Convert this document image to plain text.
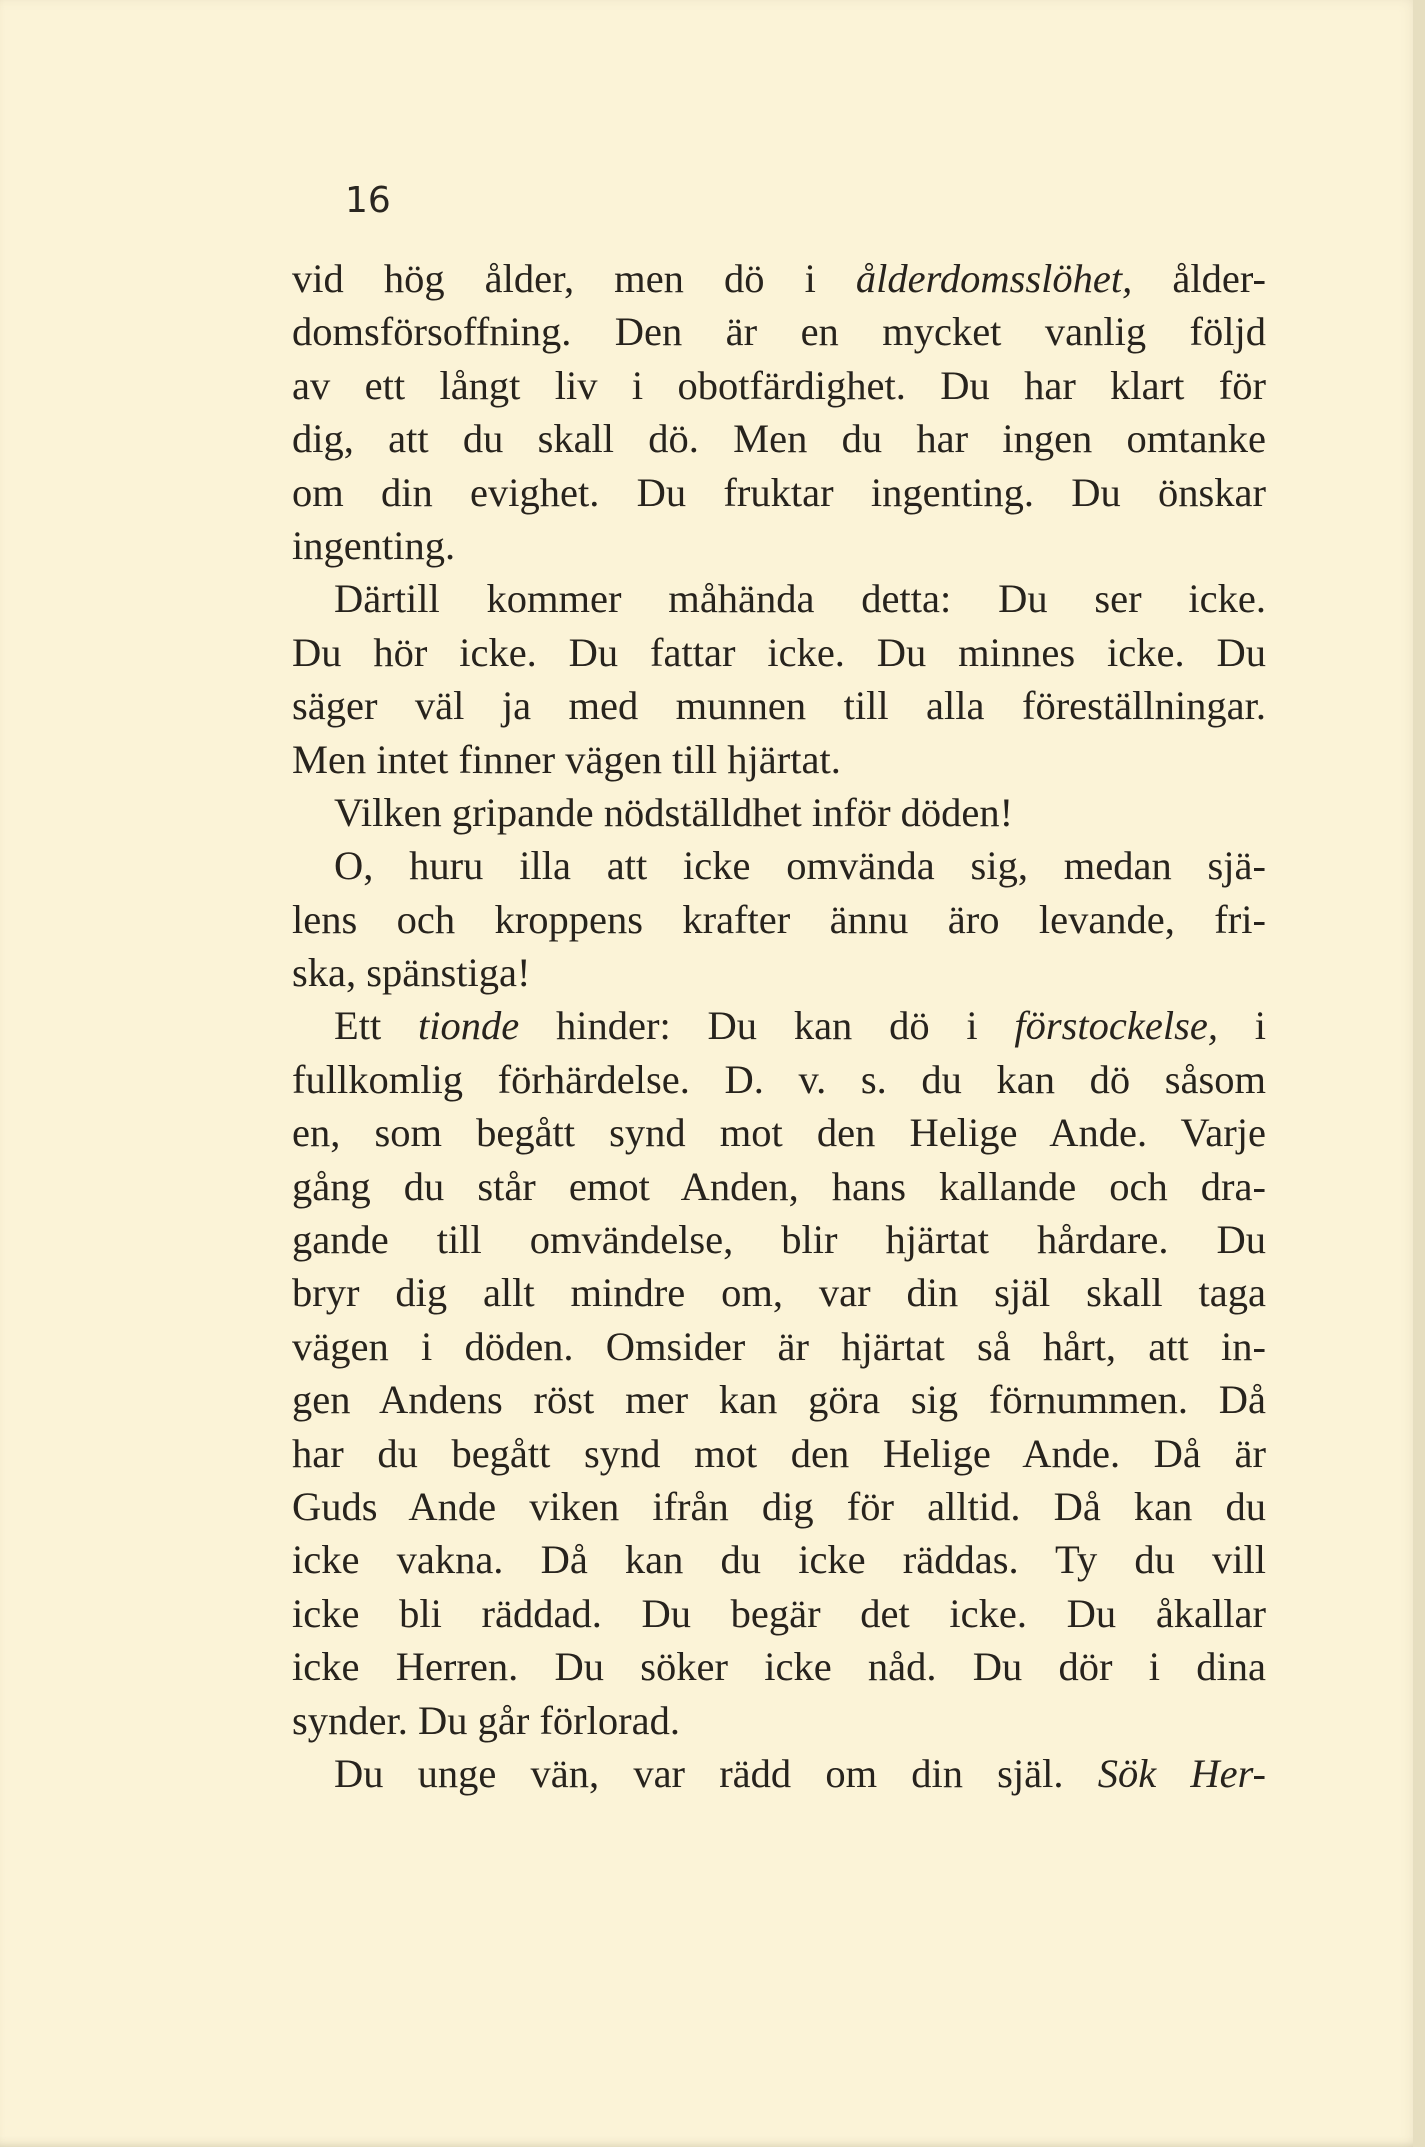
16
vid hög ålder, men dö i ålderdomsslöhet, ålder-
domsförsoffning. Den är en mycket vanlig följd
av ett långt liv i obotfärdighet. Du har klart för
dig, att du skall dö. Men du har ingen omtanke
om din evighet. Du fruktar ingenting. Du önskar
ingenting.
Därtill kommer måhända detta: Du ser icke.
Du hör icke. Du fattar icke. Du minnes icke. Du
säger väl ja med munnen till alla föreställningar.
Men intet finner vägen till hjärtat.
Vilken gripande nödställdhet inför döden!
O, huru illa att icke omvända sig, medan sjä-
lens och kroppens krafter ännu äro levande, fri-
ska, spänstiga!
Ett tionde hinder: Du kan dö i förstockelse, i
fullkomlig förhärdelse. D. v. s. du kan dö såsom
en, som begått synd mot den Helige Ande. Varje
gång du står emot Anden, hans kallande och dra-
gande till omvändelse, blir hjärtat hårdare. Du
bryr dig allt mindre om, var din själ skall taga
vägen i döden. Omsider är hjärtat så hårt, att in-
gen Andens röst mer kan göra sig förnummen. Då
har du begått synd mot den Helige Ande. Då är
Guds Ande viken ifrån dig för alltid. Då kan du
icke vakna. Då kan du icke räddas. Ty du vill
icke bli räddad. Du begär det icke. Du åkallar
icke Herren. Du söker icke nåd. Du dör i dina
synder. Du går förlorad.
Du unge vän, var rädd om din själ. Sök Her-
